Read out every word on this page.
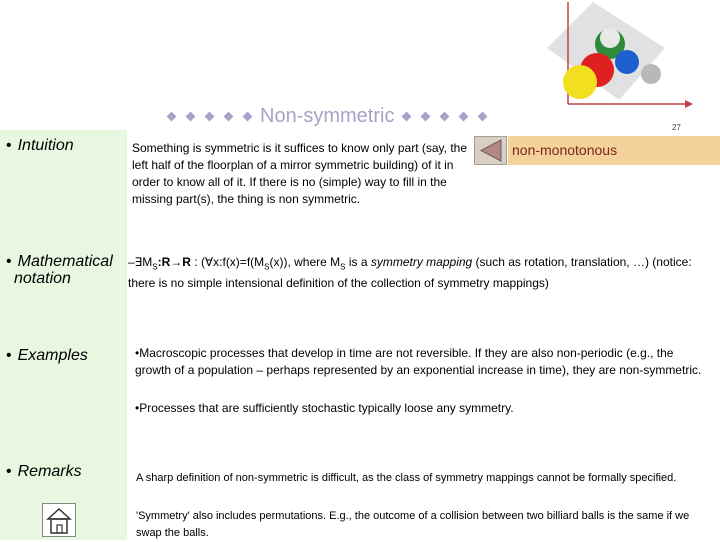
Non-symmetric
27
non-monotonous
• Intuition	Something is symmetric is it suffices to know only part (say, the left half of the floorplan of a mirror symmetric building) of it in order to know all of it. If there is no (simple) way to fill in the missing part(s), the thing is non symmetric.
• Mathematical
notation
$-\exists M_S:R\to R$ : ($\forall x:f(x)=f(M_S(x))$, where $M_S$ is a symmetry mapping (such as rotation, translation, …) (notice: there is no simple intensional definition of the collection of symmetry mappings)
• Examples	•Macroscopic processes that develop in time are not reversible. If they are also non-periodic (e.g., the growth of a population – perhaps represented by an exponential increase in time), they are non-symmetric.
•Processes that are sufficiently stochastic typically loose any symmetry.
• Remarks	A sharp definition of non-symmetric is difficult, as the class of symmetry mappings cannot be formally specified.
'Symmetry' also includes permutations. E.g., the outcome of a collision between two billiard balls is the same if we swap the balls.
